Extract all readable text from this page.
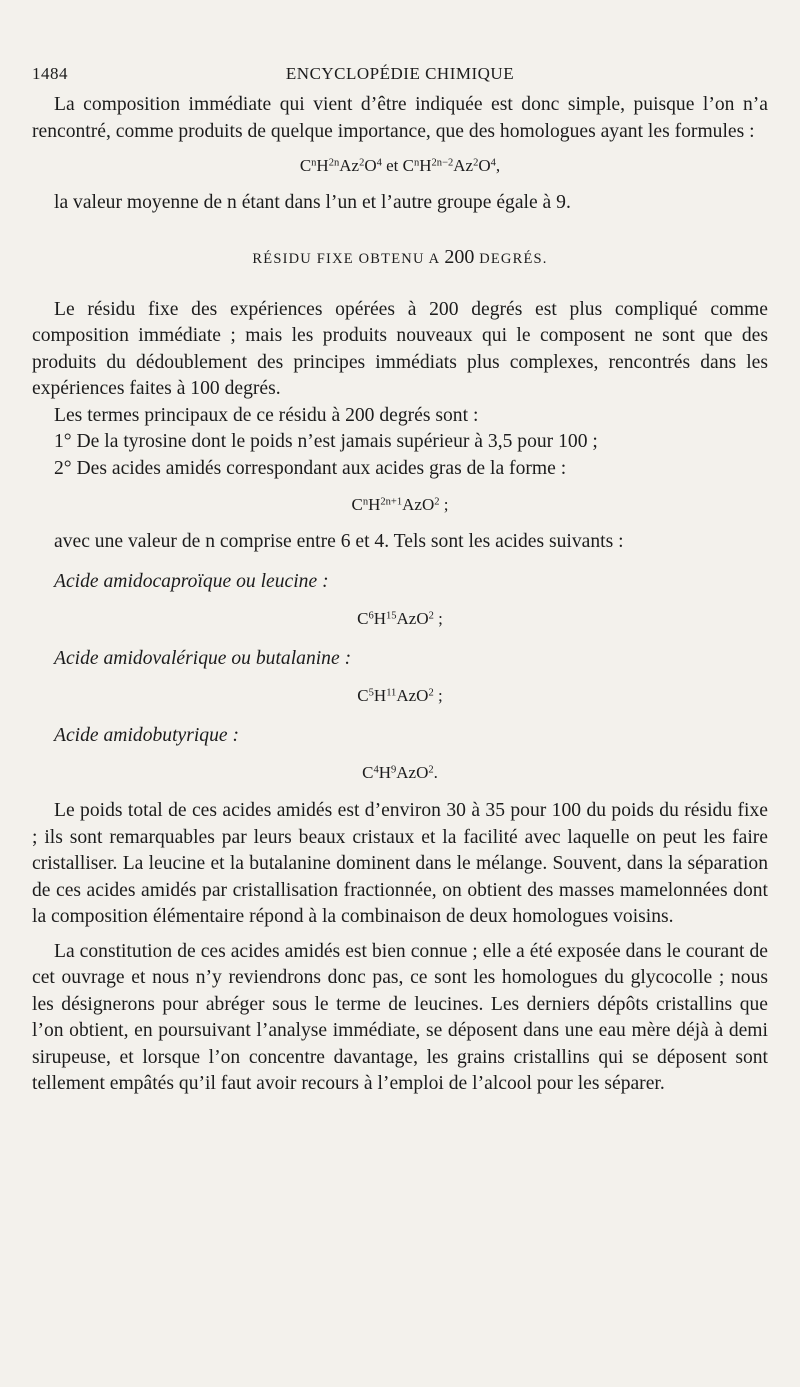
1484	ENCYCLOPÉDIE CHIMIQUE

La composition immédiate qui vient d’être indiquée est donc simple, puisque l’on n’a rencontré, comme produits de quelque importance, que des homologues ayant les formules :

$C^nH^{2n}Az^2O^4$ et $C^nH^{2n-2}Az^2O^4$,

la valeur moyenne de n étant dans l’un et l’autre groupe égale à 9.

RÉSIDU FIXE OBTENU A 200 DEGRÉS.

Le résidu fixe des expériences opérées à 200 degrés est plus compliqué comme composition immédiate ; mais les produits nouveaux qui le composent ne sont que des produits du dédoublement des principes immédiats plus complexes, rencontrés dans les expériences faites à 100 degrés.

Les termes principaux de ce résidu à 200 degrés sont :

1° De la tyrosine dont le poids n’est jamais supérieur à 3,5 pour 100 ;

2° Des acides amidés correspondant aux acides gras de la forme :

$C^nH^{2n+1}AzO^2$ ;

avec une valeur de n comprise entre 6 et 4. Tels sont les acides suivants :

Acide amidocaproïque ou leucine :

$C^6H^{15}AzO^2$ ;

Acide amidovalérique ou butalanine :

$C^5H^{11}AzO^2$ ;

Acide amidobutyrique :

$C^4H^9AzO^2$.

Le poids total de ces acides amidés est d’environ 30 à 35 pour 100 du poids du résidu fixe ; ils sont remarquables par leurs beaux cristaux et la facilité avec laquelle on peut les faire cristalliser. La leucine et la butalanine dominent dans le mélange. Souvent, dans la séparation de ces acides amidés par cristallisation fractionnée, on obtient des masses mamelonnées dont la composition élémentaire répond à la combinaison de deux homologues voisins.

La constitution de ces acides amidés est bien connue ; elle a été exposée dans le courant de cet ouvrage et nous n’y reviendrons donc pas, ce sont les homologues du glycocolle ; nous les désignerons pour abréger sous le terme de leucines. Les derniers dépôts cristallins que l’on obtient, en poursuivant l’analyse immédiate, se déposent dans une eau mère déjà à demi sirupeuse, et lorsque l’on concentre davantage, les grains cristallins qui se déposent sont tellement empâtés qu’il faut avoir recours à l’emploi de l’alcool pour les séparer.
